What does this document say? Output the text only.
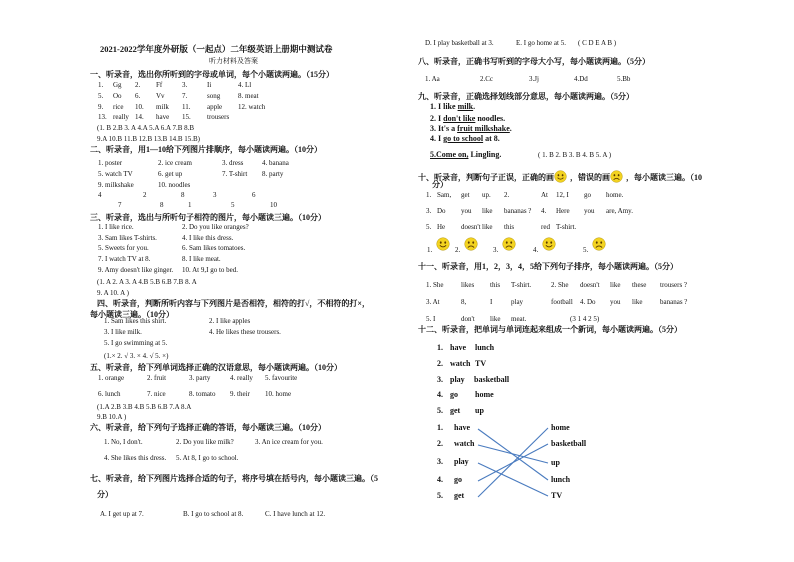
2021-2022学年度外研版（一起点）二年级英语上册期中测试卷
听力材料及答案
一、听录音，选出你所听到的字母或单词，每个小题读两遍。（15分）
1. Gg 2. Ff	3.	Ii	4. Ll
5. Oo 6. Vv 7.	song	8. meat
9. rice 10. milk 11. apple 12. watch
13. really 14. have 15. trousers
(1. B 2.B 3. A 4.A 5.A 6.A 7.B 8.B
9.A 10.B 11.B 12.B 13.B 14.B 15.B)
二、听录音，用1—10给下列图片排顺序，每小题读两遍。（10分）
1. poster	2. ice cream	3. dress	4. banana
5. watch TV	6. get up	7. T-shirt 8. party
9. milkshake	10. noodles
4	2	8	3	6
7	8	1	5	10
三、听录音，选出与所听句子相符的图片，每小题读三遍。（10分）
1. I like rice.	2. Do you like oranges?
3. Sam likes T-shirts.	4. I like this dress.
5. Sweets for you.	6. Sam likes tomatoes.
7. I watch TV at 8.	8. I like meat.
9. Amy doesn't like ginger. 10. At 9,I go to bed.
(1. A 2. A 3. A 4.B 5.B 6.B 7.B 8. A
9. A 10. A )
四、听录音，判断所听内容与下列图片是否相符，相符的打√，不相符的打×，
每小题读三遍。（10分）
1. Sam likes this shirt.	2. I like apples
3. I like milk.	4. He likes these trousers.
5. I go swimming at 5.
(1.× 2. √ 3. × 4. √ 5. ×)
五、听录音，给下列单词选择正确的汉语意思，每小题读两遍。（10分）
1. orange	2. fruit	3. party	4. really 5. favourite
6. lunch	7. nice	8. tomato 9. their 10. home
(1.A 2.B 3.B 4.B 5.B 6.B 7.A 8.A
9.B 10.A )
六、听录音，给下列句子选择正确的答语，每小题读三遍。（10分）
1. No, I don't.	2. Do you like milk?	3. An ice cream for you.
4. She likes this dress. 5. At 8, I go to school.
七、听录音，给下列图片选择合适的句子，将序号填在括号内，每小题读三遍。（5
分）
A. I get up at 7.	B. I go to school at 8.	C. I have lunch at 12.
D. I play basketball at 3.	E. I go home at 5. ( C D E A B )
八、听录音，正确书写听到的字母大小写，每小题读两遍。（5分）
1. Aa	2.Cc	3.Jj	4.Dd	5.Bb
九、听录音，正确选择划线部分意思，每小题读两遍。（5分）
1. I like milk.
2. I don't like noodles.
3. It's a fruit milkshake.
4. I go to school at 8.
5.Come on, Lingling.	( 1. B 2. B 3. B 4. B 5. A )
十、听录音，判断句子正误，正确的画 ，错误的画 ，每小题读三遍。（10
分）
1. Sam, get up. 2.	At 12, I go home.
3. Do you like bananas ? 4. Here you are, Amy.
5. He doesn't like this	red T-shirt.
1.	2.	3.	4.	5.
十一、听录音，用1，2，3，4，5给下列句子排序，每小题读两遍。（5分）
1. She	likes this T-shirt.	2. She doesn't like these trousers ?
3. At	8,	I	play	football 4. Do you like	bananas ?
5. I	don't like meat.	(3 1 4 2 5)
十二、听录音，把单词与单词连起来组成一个新词，每小题读两遍。（5分）
1. have lunch
2. watch TV
3. play basketball
4. go home
5. get up
1. have	home
2. watch	basketball
3. play	up
4. go	lunch
5. get	TV
